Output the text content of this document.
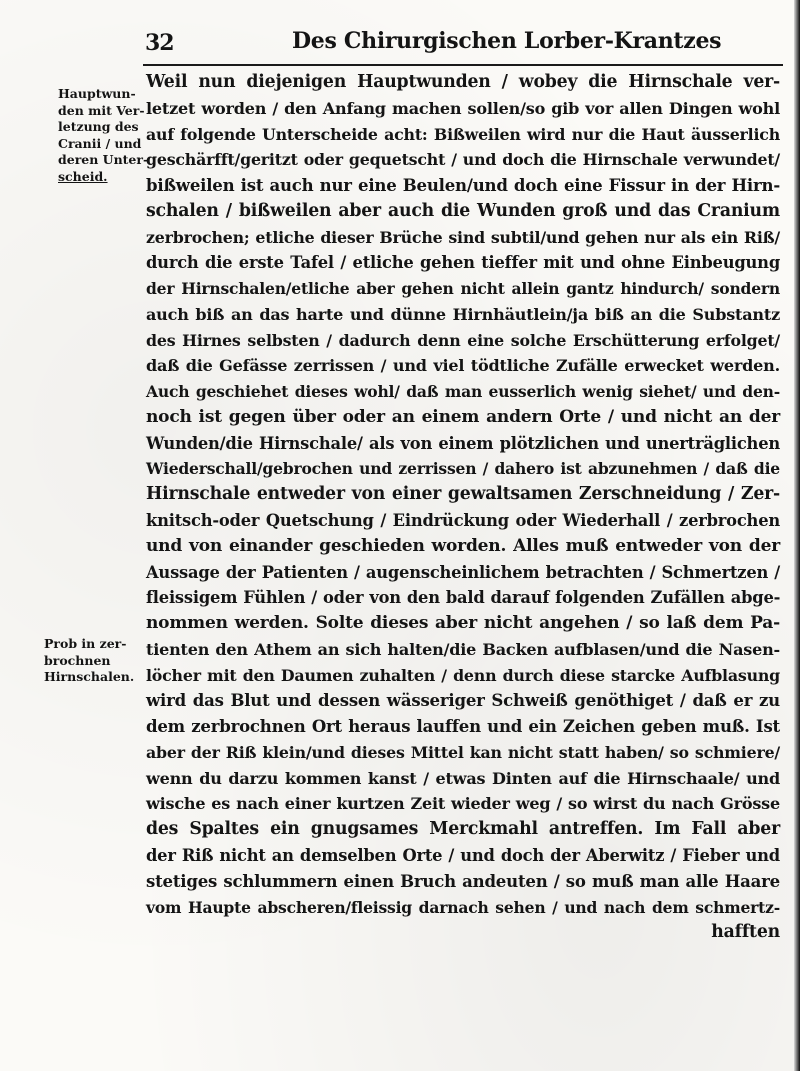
32	Des Chirurgischen Lorber-Krantzes
Hauptwun-
den mit Ver-
letzung des
Cranii / und
deren Unter-
scheid.
Prob in zer-
brochnen
Hirnschalen.
Weil nun diejenigen Hauptwunden / wobey die Hirnschale ver-
letzet worden / den Anfang machen sollen/so gib vor allen Dingen wohl
auf folgende Unterscheide acht: Bißweilen wird nur die Haut äusserlich
geschärfft/geritzt oder gequetscht / und doch die Hirnschale verwundet/
bißweilen ist auch nur eine Beulen/und doch eine Fissur in der Hirn-
schalen / bißweilen aber auch die Wunden groß und das Cranium
zerbrochen; etliche dieser Brüche sind subtil/und gehen nur als ein Riß/
durch die erste Tafel / etliche gehen tieffer mit und ohne Einbeugung
der Hirnschalen/etliche aber gehen nicht allein gantz hindurch/ sondern
auch biß an das harte und dünne Hirnhäutlein/ja biß an die Substantz
des Hirnes selbsten / dadurch denn eine solche Erschütterung erfolget/
daß die Gefässe zerrissen / und viel tödtliche Zufälle erwecket werden.
Auch geschiehet dieses wohl/ daß man eusserlich wenig siehet/ und den-
noch ist gegen über oder an einem andern Orte / und nicht an der
Wunden/die Hirnschale/ als von einem plötzlichen und unerträglichen
Wiederschall/gebrochen und zerrissen / dahero ist abzunehmen / daß die
Hirnschale entweder von einer gewaltsamen Zerschneidung / Zer-
knitsch-oder Quetschung / Eindrückung oder Wiederhall / zerbrochen
und von einander geschieden worden. Alles muß entweder von der
Aussage der Patienten / augenscheinlichem betrachten / Schmertzen /
fleissigem Fühlen / oder von den bald darauf folgenden Zufällen abge-
nommen werden. Solte dieses aber nicht angehen / so laß dem Pa-
tienten den Athem an sich halten/die Backen aufblasen/und die Nasen-
löcher mit den Daumen zuhalten / denn durch diese starcke Aufblasung
wird das Blut und dessen wässeriger Schweiß genöthiget / daß er zu
dem zerbrochnen Ort heraus lauffen und ein Zeichen geben muß. Ist
aber der Riß klein/und dieses Mittel kan nicht statt haben/ so schmiere/
wenn du darzu kommen kanst / etwas Dinten auf die Hirnschaale/ und
wische es nach einer kurtzen Zeit wieder weg / so wirst du nach Grösse
des Spaltes ein gnugsames Merckmahl antreffen. Im Fall aber
der Riß nicht an demselben Orte / und doch der Aberwitz / Fieber und
stetiges schlummern einen Bruch andeuten / so muß man alle Haare
vom Haupte abscheren/fleissig darnach sehen / und nach dem schmertz-
hafften
